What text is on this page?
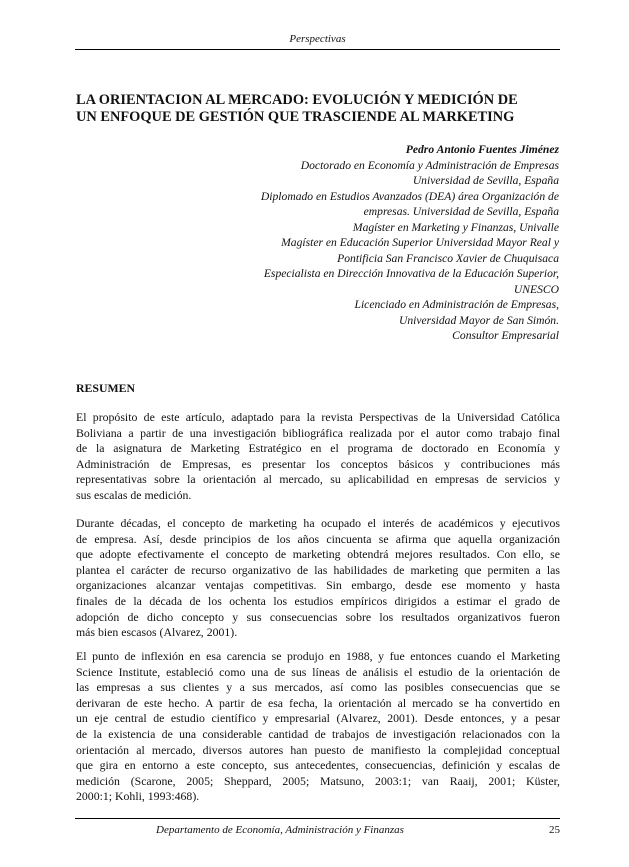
Perspectivas
LA ORIENTACION AL MERCADO: EVOLUCIÓN Y MEDICIÓN DE
UN ENFOQUE DE GESTIÓN QUE TRASCIENDE AL MARKETING
Pedro Antonio Fuentes Jiménez
Doctorado en Economía y Administración de Empresas
Universidad de Sevilla, España
Diplomado en Estudios Avanzados (DEA) área Organización de
empresas. Universidad de Sevilla, España
Magíster en Marketing y Finanzas, Univalle
Magíster en Educación Superior Universidad Mayor Real y
Pontificia San Francisco Xavier de Chuquisaca
Especialista en Dirección Innovativa de la Educación Superior,
UNESCO
Licenciado en Administración de Empresas,
Universidad Mayor de San Simón.
Consultor Empresarial
RESUMEN
El propósito de este artículo, adaptado para la revista Perspectivas de la Universidad Católica
Boliviana a partir de una investigación bibliográfica realizada por el autor como trabajo final
de la asignatura de Marketing Estratégico en el programa de doctorado en Economía y
Administración de Empresas, es presentar los conceptos básicos y contribuciones más
representativas sobre la orientación al mercado, su aplicabilidad en empresas de servicios y
sus escalas de medición.
Durante décadas, el concepto de marketing ha ocupado el interés de académicos y ejecutivos
de empresa. Así, desde principios de los años cincuenta se afirma que aquella organización
que adopte efectivamente el concepto de marketing obtendrá mejores resultados. Con ello, se
plantea el carácter de recurso organizativo de las habilidades de marketing que permiten a las
organizaciones alcanzar ventajas competitivas. Sin embargo, desde ese momento y hasta
finales de la década de los ochenta los estudios empíricos dirigidos a estimar el grado de
adopción de dicho concepto y sus consecuencias sobre los resultados organizativos fueron
más bien escasos (Alvarez, 2001).
El punto de inflexión en esa carencia se produjo en 1988, y fue entonces cuando el Marketing
Science Institute, estableció como una de sus líneas de análisis el estudio de la orientación de
las empresas a sus clientes y a sus mercados, así como las posibles consecuencias que se
derivaran de este hecho. A partir de esa fecha, la orientación al mercado se ha convertido en
un eje central de estudio científico y empresarial (Alvarez, 2001). Desde entonces, y a pesar
de la existencia de una considerable cantidad de trabajos de investigación relacionados con la
orientación al mercado, diversos autores han puesto de manifiesto la complejidad conceptual
que gira en entorno a este concepto, sus antecedentes, consecuencias, definición y escalas de
medición (Scarone, 2005; Sheppard, 2005; Matsuno, 2003:1; van Raaij, 2001; Küster,
2000:1; Kohli, 1993:468).
Departamento de Economía, Administración y Finanzas	25
